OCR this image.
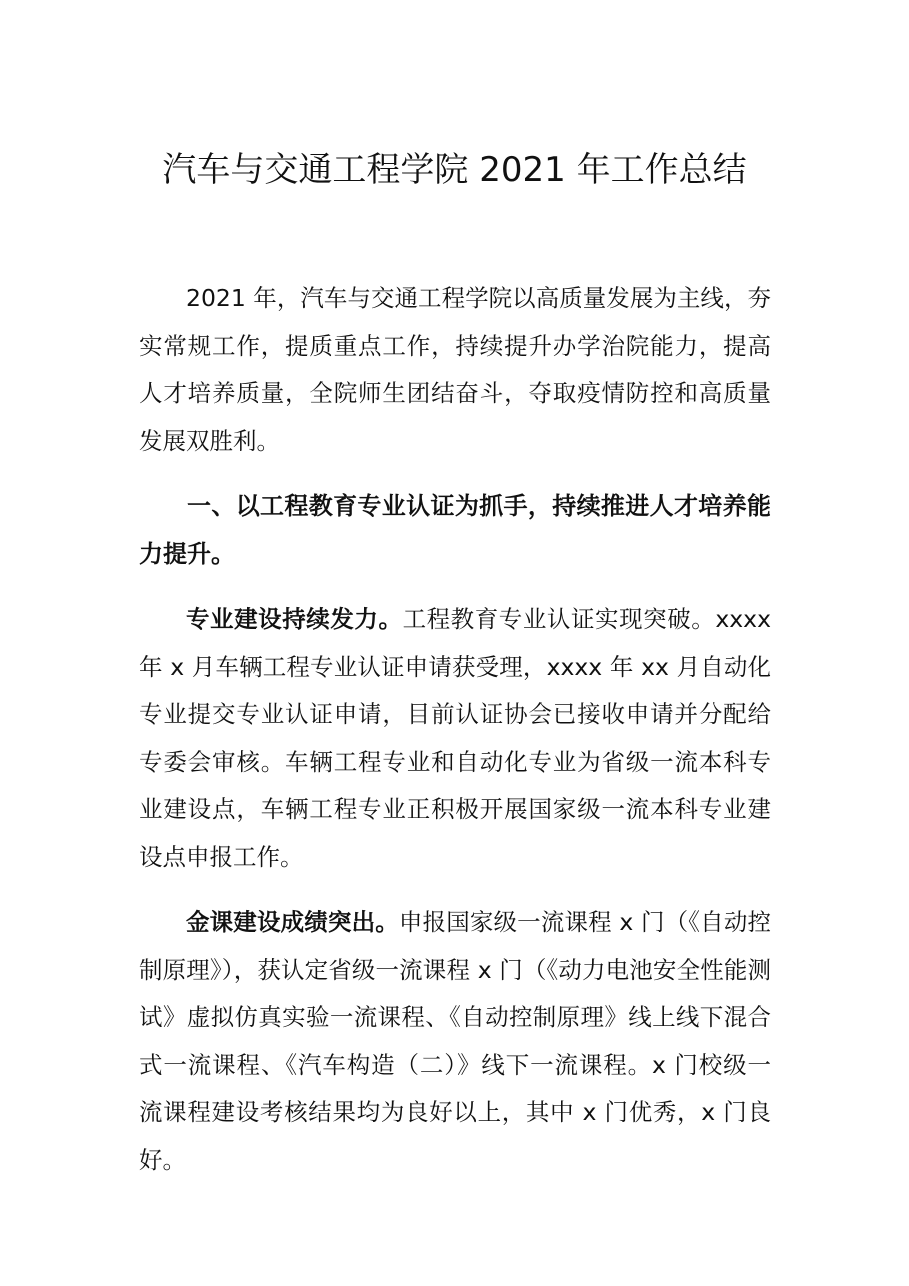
汽车与交通工程学院 2021 年工作总结

2021 年，汽车与交通工程学院以高质量发展为主线，夯实常规工作，提质重点工作，持续提升办学治院能力，提高人才培养质量，全院师生团结奋斗，夺取疫情防控和高质量发展双胜利。

一、以工程教育专业认证为抓手，持续推进人才培养能力提升。

专业建设持续发力。工程教育专业认证实现突破。xxxx 年 x 月车辆工程专业认证申请获受理，xxxx 年 xx 月自动化专业提交专业认证申请，目前认证协会已接收申请并分配给专委会审核。车辆工程专业和自动化专业为省级一流本科专业建设点，车辆工程专业正积极开展国家级一流本科专业建设点申报工作。

金课建设成绩突出。申报国家级一流课程 x 门（《自动控制原理》），获认定省级一流课程 x 门（《动力电池安全性能测试》虚拟仿真实验一流课程、《自动控制原理》线上线下混合式一流课程、《汽车构造（二）》线下一流课程。x 门校级一流课程建设考核结果均为良好以上，其中 x 门优秀，x 门良好。
